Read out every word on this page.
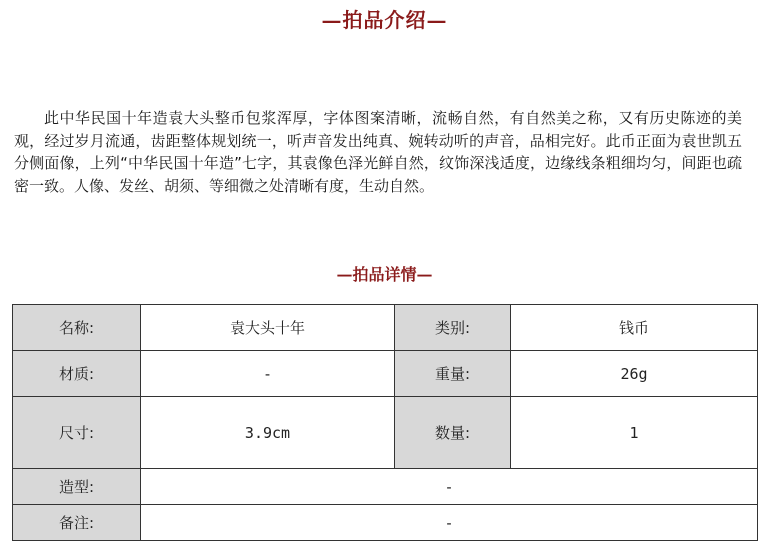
—拍品介绍—

此中华民国十年造袁大头整币包浆浑厚，字体图案清晰，流畅自然，有自然美之称，又有历史陈迹的美观，经过岁月流通，齿距整体规划统一，听声音发出纯真、婉转动听的声音，品相完好。此币正面为袁世凯五分侧面像，上列“中华民国十年造”七字，其袁像色泽光鲜自然，纹饰深浅适度，边缘线条粗细均匀，间距也疏密一致。人像、发丝、胡须、等细微之处清晰有度，生动自然。

—拍品详情—
名称:	袁大头十年	类别:	钱币
材质:	-	重量:	26g
尺寸:	3.9cm	数量:	1
造型:	-		
备注:	-		
